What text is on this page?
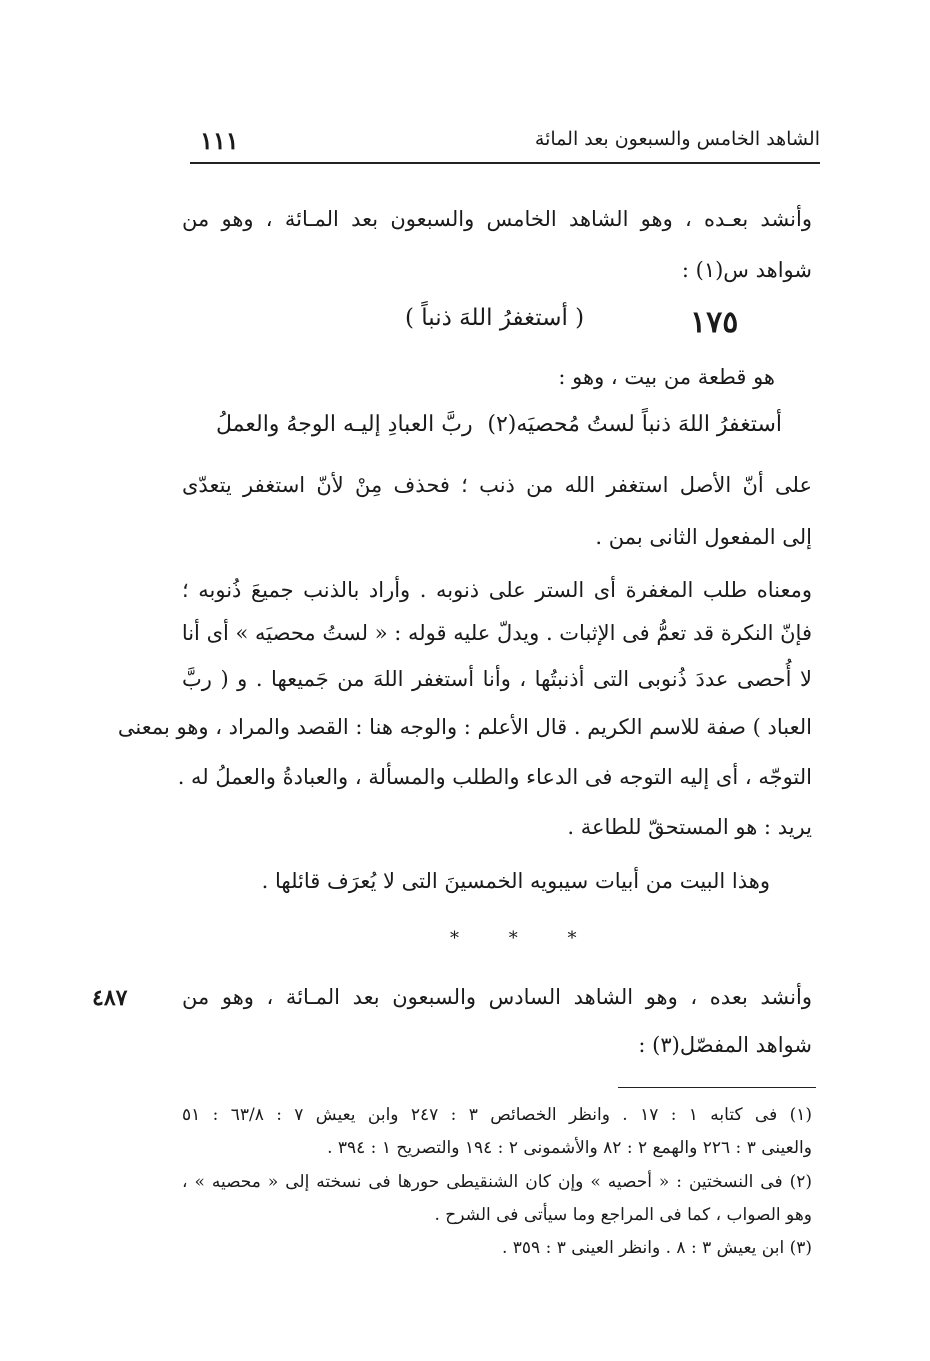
الشاهد الخامس والسبعون بعد المائة
١١١
وأنشد بعـده ، وهو الشاهد الخامس والسبعون بعد المـائة ، وهو من
شواهد س(١) :
١٧٥
( أستغفرُ اللهَ ذنباً )
هو قطعة من بيت ، وهو :
أستغفرُ اللهَ ذنباً لستُ مُحصيَه(٢)
ربَّ العبادِ إليـه الوجهُ والعملُ
على أنّ الأصل استغفر الله من ذنب ؛ فحذف مِنْ لأنّ استغفر يتعدّى
إلى المفعول الثانى بمن .
ومعناه طلب المغفرة أى الستر على ذنوبه . وأراد بالذنب جميعَ ذُنوبه ؛
فإنّ النكرة قد تعمُّ فى الإثبات . ويدلّ عليه قوله : « لستُ محصيَه » أى أنا
لا أُحصى عددَ ذُنوبى التى أذنبتُها ، وأنا أستغفر اللهَ من جَميعها . و ( ربَّ
العباد ) صفة للاسم الكريم . قال الأعلم : والوجه هنا : القصد والمراد ، وهو بمعنى
التوجّه ، أى إليه التوجه فى الدعاء والطلب والمسألة ، والعبادةُ والعملُ له .
يريد : هو المستحقّ للطاعة .
وهذا البيت من أبيات سيبويه الخمسينَ التى لا يُعرَف قائلها .
* * *
٤٨٧	وأنشد بعده ، وهو الشاهد السادس والسبعون بعد المـائة ، وهو من
شواهد المفصّل(٣) :
(١) فى كتابه ١ : ١٧ . وانظر الخصائص ٣ : ٢٤٧ وابن يعيش ٧ : ٦٣/٨ : ٥١
والعينى ٣ : ٢٢٦ والهمع ٢ : ٨٢ والأشمونى ٢ : ١٩٤ والتصريح ١ : ٣٩٤ .
(٢) فى النسختين : « أحصيه » وإن كان الشنقيطى حورها فى نسخته إلى « محصيه » ،
وهو الصواب ، كما فى المراجع وما سيأتى فى الشرح .
(٣) ابن يعيش ٣ : ٨ . وانظر العينى ٣ : ٣٥٩ .
